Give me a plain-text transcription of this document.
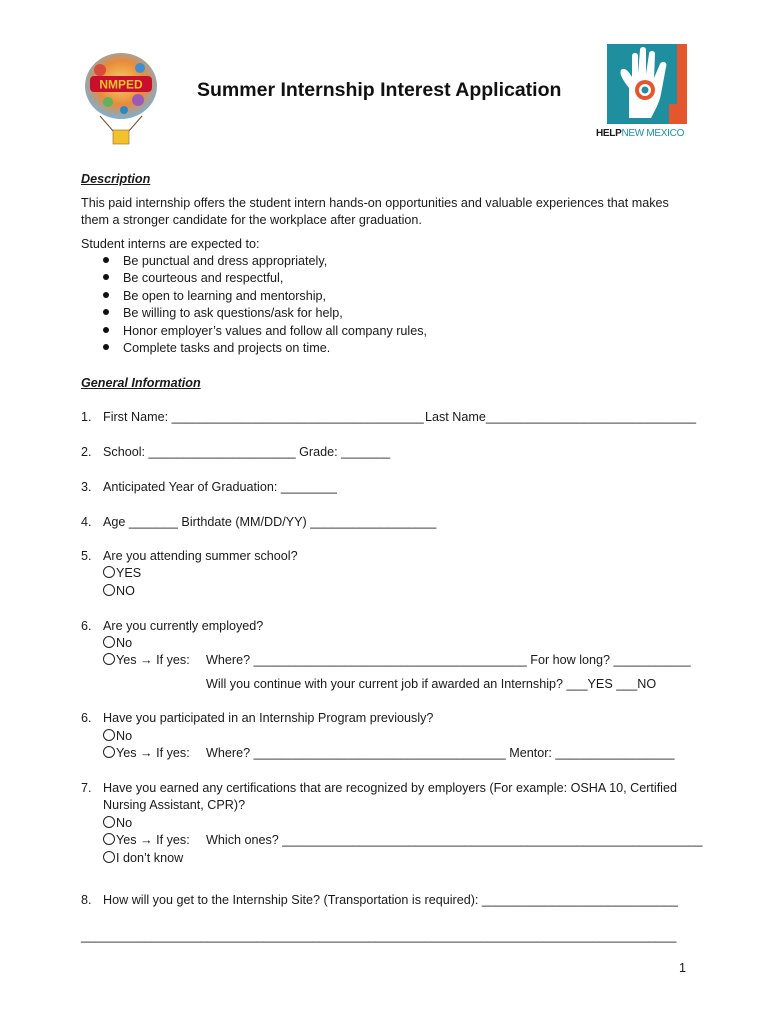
NMPED	Summer Internship Interest Application
HELPNEW MEXICO
Description
This paid internship offers the student intern hands-on opportunities and valuable experiences that makes
them a stronger candidate for the workplace after graduation.
Student interns are expected to:
Be punctual and dress appropriately,
Be courteous and respectful,
Be open to learning and mentorship,
Be willing to ask questions/ask for help,
Honor employer’s values and follow all company rules,
Complete tasks and projects on time.
General Information
1. First Name: ____________________________________ Last Name______________________________
2. School: _____________________ Grade: _______
3. Anticipated Year of Graduation: ________
4. Age _______ Birthdate (MM/DD/YY) __________________
5. Are you attending summer school?
YES
NO
6. Are you currently employed?
No
Yes → If yes: Where? _______________________________________ For how long? ___________
Will you continue with your current job if awarded an Internship? ___YES ___NO
6. Have you participated in an Internship Program previously?
No
Yes → If yes: Where? ____________________________________ Mentor: _________________
7. Have you earned any certifications that are recognized by employers (For example: OSHA 10, Certified
Nursing Assistant, CPR)?
No
Yes → If yes: Which ones? ____________________________________________________________
I don’t know
8. How will you get to the Internship Site? (Transportation is required): ____________________________
_____________________________________________________________________________________
1
